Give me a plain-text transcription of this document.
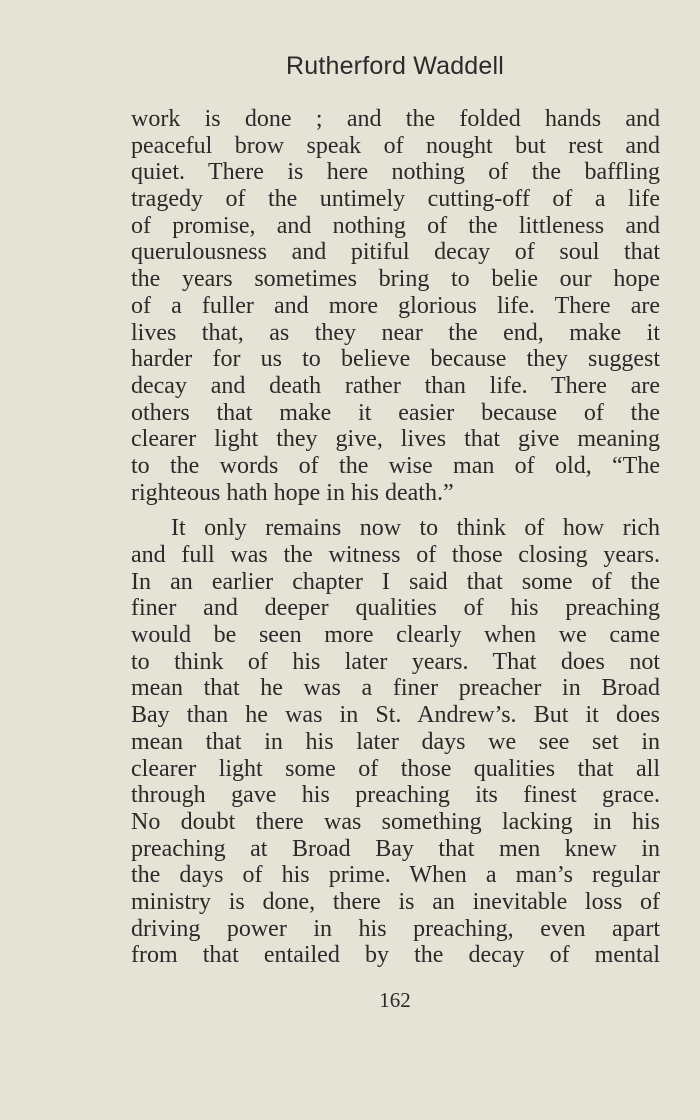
Rutherford Waddell
work is done ; and the folded hands and
peaceful brow speak of nought but rest and
quiet. There is here nothing of the baffling
tragedy of the untimely cutting-off of a life
of promise, and nothing of the littleness and
querulousness and pitiful decay of soul that
the years sometimes bring to belie our hope
of a fuller and more glorious life. There are
lives that, as they near the end, make it
harder for us to believe because they suggest
decay and death rather than life. There are
others that make it easier because of the
clearer light they give, lives that give meaning
to the words of the wise man of old, “The
righteous hath hope in his death.”
It only remains now to think of how rich
and full was the witness of those closing years.
In an earlier chapter I said that some of the
finer and deeper qualities of his preaching
would be seen more clearly when we came
to think of his later years. That does not
mean that he was a finer preacher in Broad
Bay than he was in St. Andrew’s. But it does
mean that in his later days we see set in
clearer light some of those qualities that all
through gave his preaching its finest grace.
No doubt there was something lacking in his
preaching at Broad Bay that men knew in
the days of his prime. When a man’s regular
ministry is done, there is an inevitable loss of
driving power in his preaching, even apart
from that entailed by the decay of mental
162
